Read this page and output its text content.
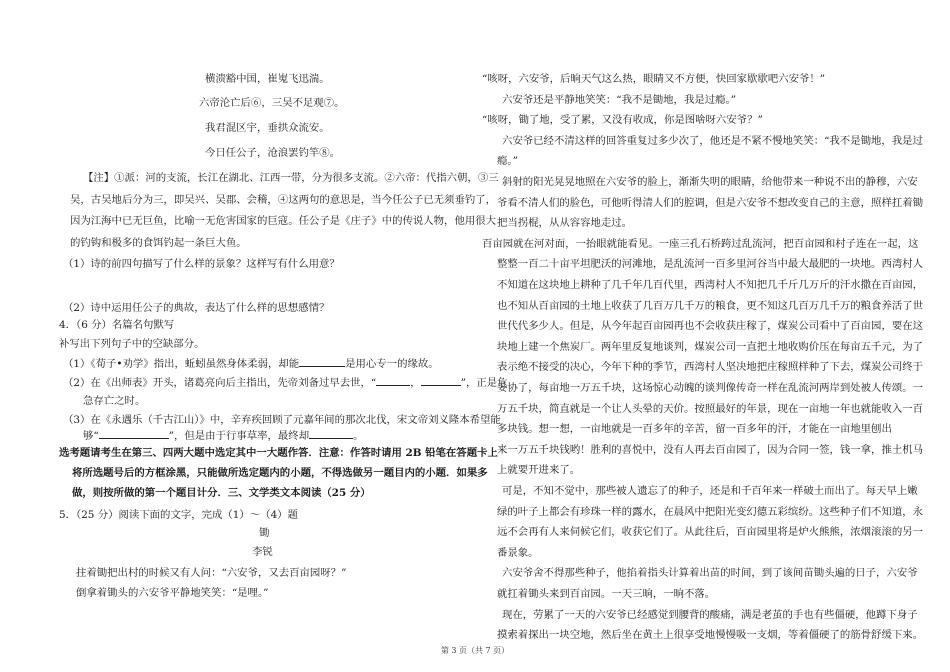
横溃豁中国，崔嵬飞迅湍。
六帝沦亡后⑥，三吴不足观⑦。
我君混区宇，垂拱众流安。
今日任公子，沧浪罢钓竿⑧。
【注】①派：河的支流，长江在湖北、江西一带，分为很多支流。②六帝：代指六朝，③三
吴，古吴地后分为三，即吴兴、吴郡、会稽，④这两句的意思是，当今任公子已无须垂钓了，
因为江海中已无巨鱼，比喻一无危害国家的巨寇。任公子是《庄子》中的传说人物，他用很大
的钓钩和极多的食饵钓起一条巨大鱼。
（1）诗的前四句描写了什么样的景象？这样写有什么用意？
（2）诗中运用任公子的典故，表达了什么样的思想感情？
4．（6 分）名篇名句默写
补写出下列句子中的空缺部分。
（1）《荀子•劝学》指出，蚯蚓虽然身体柔弱，却能	是用心专一的缘故。
（2）在《出师表》开头，诸葛亮向后主指出，先帝刘备过早去世，“	，	”，正是危
急存亡之时。
（3）在《永遇乐（千古江山）》中，辛弃疾回顾了元嘉年间的那次北伐，宋文帝刘义隆本希望能
够“	”，但是由于行事草率，最终却	。
选考题请考生在第三、四两大题中选定其中一大题作答．注意：作答时请用 2B 铅笔在答题卡上
将所选题号后的方框涂黑，只能做所选定题内的小题，不得选做另一题目内的小题．如果多
做，则按所做的第一个题目计分．三、文学类文本阅读（25 分）
5．（25 分）阅读下面的文字，完成（1）～（4）题
锄
李锐
拄着锄把出村的时候又有人问：“六安爷，又去百亩园呀？”
“咳呀，六安爷，后晌天气这么热，眼睛又不方便，快回家歇歇吧六安爷！”
六安爷还是平静地笑笑：“我不是锄地，我是过瘾。”
“咳呀，锄了地，受了累，又没有收成，你是图啥呀六安爷？”
六安爷已经不清这样的回答重复过多少次了，他还是不紧不慢地笑笑：“我不是锄地，我是过
瘾。”
斜射的阳光晃晃地照在六安爷的脸上，渐渐失明的眼睛，给他带来一种说不出的静穆，六安
爷看不清人们的脸色，可他听得清人们的腔调，但是六安爷不想改变自己的主意，照样扛着锄
把当拐棍，从从容容地走过。
百亩园就在河对面，一抬眼就能看见。一座三孔石桥跨过乱流河，把百亩园和村子连在一起，这
整整一百二十亩平坦肥沃的河滩地，是乱流河一百多里河谷当中最大最肥的一块地。西湾村人
不知道在这块地上耕种了几千年几百代里，西湾村人不知把几千斤几万斤的汗水撒在百亩园，
也不知从百亩园的土地上收获了几百万几千万的粮食，更不知这几百万几千万的粮食养活了世
世代代多少人。但是，从今年起百亩园再也不会收获庄稼了，煤炭公司看中了百亩园，要在这
块地上建一个焦炭厂。两年里反复地谈判，煤炭公司一直把土地收购价压在每亩五千元，为了
表示绝不接受的决心，今年下种的季节，西湾村人坚决地把庄稼照样种了下去，煤炭公司终于
妥协了，每亩地一万五千块，这场惊心动魄的谈判像传奇一样在乱流河两岸到处被人传颂。一
万五千块，简直就是一个让人头晕的天价。按照最好的年景，现在一亩地一年也就能收入一百
多块钱。想一想，一亩地就是一百多年的辛苦，留一百多年的汗，才能在一亩地里刨出
来一万五千块钱哟！胜利的喜悦中，没有人再去百亩园了，因为合同一签，钱一拿，推土机马
上就要开进来了。
可是，不知不觉中，那些被人遗忘了的种子，还是和千百年来一样破土而出了。每天早上嫩
绿的叶子上都会有珍珠一样的露水，在晨风中把阳光变幻德五彩缤纷。这些种子们不知道，永
远不会再有人来伺候它们，收获它们了。从此往后，百亩园里将是炉火熊熊，浓烟滚滚的另一
番景象。
六安爷舍不得那些种子，他掐着指头计算着出苗的时间，到了该间苗锄头遍的日子，六安爷
就扛着锄头来到百亩园。一天三晌，一晌不落。
第 3 页（共 7 页）
倒拿着锄头的六安爷平静地笑笑：“是哩。”
现在，劳累了一天的六安爷已经感觉到腰背的酸痛，满是老茧的手也有些僵硬，他蹲下身子
摸索着探出一块空地，然后坐在黄土上很享受地慢慢吸一支烟，等着僵硬了的筋骨舒缓下来。
